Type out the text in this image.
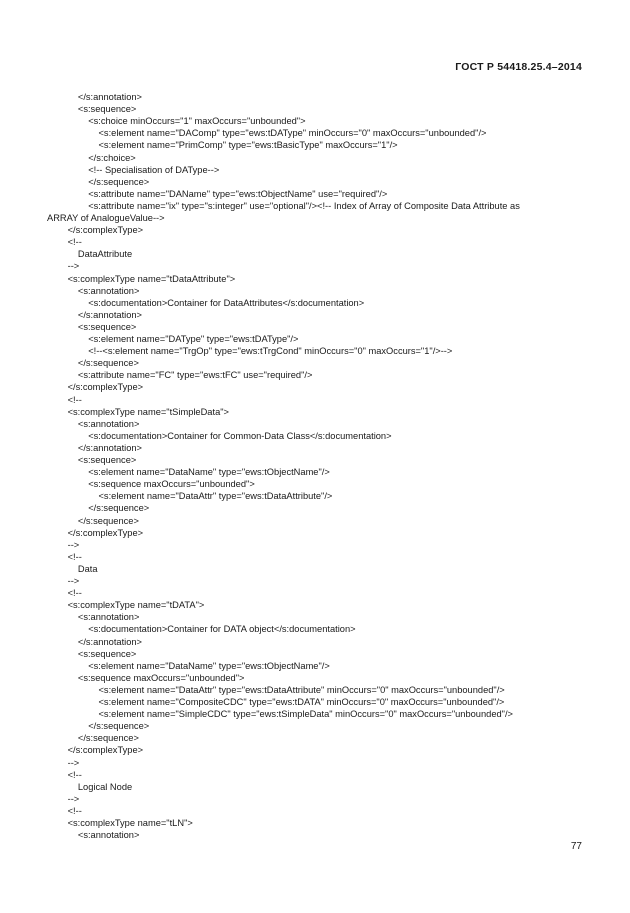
ГОСТ Р 54418.25.4–2014
</s:annotation>
<s:sequence>
<s:choice minOccurs="1" maxOccurs="unbounded">
<s:element name="DAComp" type="ews:tDAType" minOccurs="0" maxOccurs="unbounded"/>
<s:element name="PrimComp" type="ews:tBasicType" maxOccurs="1"/>
</s:choice>
<!-- Specialisation of DAType-->
</s:sequence>
<s:attribute name="DAName" type="ews:tObjectName" use="required"/>
<s:attribute name="ix" type="s:integer" use="optional"/><!-- Index of Array of Composite Data Attribute as
ARRAY of AnalogueValue-->
</s:complexType>
<!--
DataAttribute
-->
<s:complexType name="tDataAttribute">
<s:annotation>
<s:documentation>Container for DataAttributes</s:documentation>
</s:annotation>
<s:sequence>
<s:element name="DAType" type="ews:tDAType"/>
<!--<s:element name="TrgOp" type="ews:tTrgCond" minOccurs="0" maxOccurs="1"/>-->
</s:sequence>
<s:attribute name="FC" type="ews:tFC" use="required"/>
</s:complexType>
<!--
<s:complexType name="tSimpleData">
<s:annotation>
<s:documentation>Container for Common-Data Class</s:documentation>
</s:annotation>
<s:sequence>
<s:element name="DataName" type="ews:tObjectName"/>
<s:sequence maxOccurs="unbounded">
<s:element name="DataAttr" type="ews:tDataAttribute"/>
</s:sequence>
</s:sequence>
</s:complexType>
-->
<!--
Data
-->
<!--
<s:complexType name="tDATA">
<s:annotation>
<s:documentation>Container for DATA object</s:documentation>
</s:annotation>
<s:sequence>
<s:element name="DataName" type="ews:tObjectName"/>
<s:sequence maxOccurs="unbounded">
<s:element name="DataAttr" type="ews:tDataAttribute" minOccurs="0" maxOccurs="unbounded"/>
<s:element name="CompositeCDC" type="ews:tDATA" minOccurs="0" maxOccurs="unbounded"/>
<s:element name="SimpleCDC" type="ews:tSimpleData" minOccurs="0" maxOccurs="unbounded"/>
</s:sequence>
</s:sequence>
</s:complexType>
-->
<!--
Logical Node
-->
<!--
<s:complexType name="tLN">
<s:annotation>
77
